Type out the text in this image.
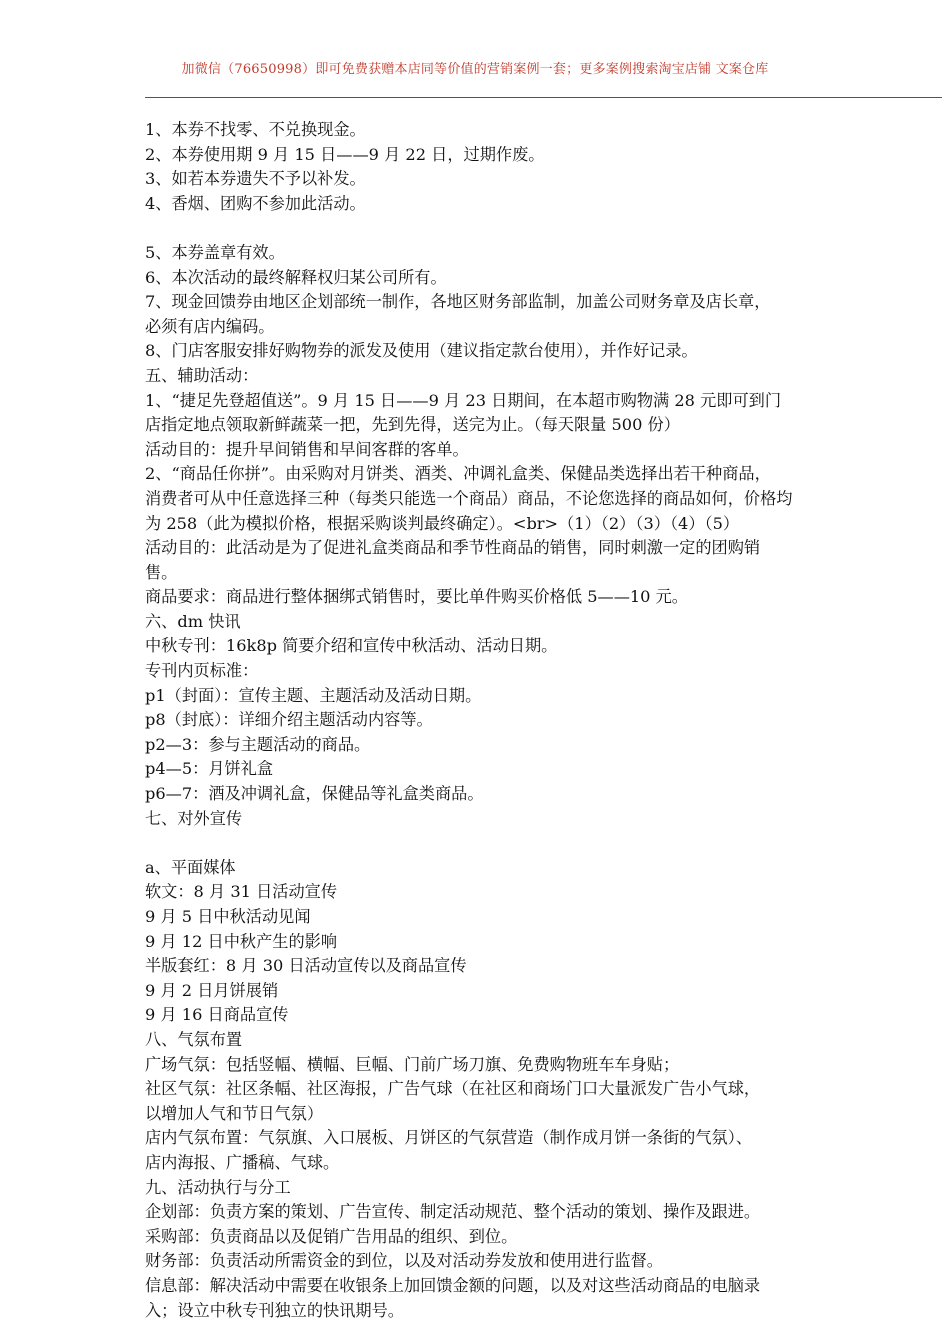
加微信（76650998）即可免费获赠本店同等价值的营销案例一套；更多案例搜索淘宝店铺 文案仓库
1、本券不找零、不兑换现金。
2、本券使用期 9 月 15 日——9 月 22 日，过期作废。
3、如若本券遗失不予以补发。
4、香烟、团购不参加此活动。
5、本券盖章有效。
6、本次活动的最终解释权归某公司所有。
7、现金回馈券由地区企划部统一制作，各地区财务部监制，加盖公司财务章及店长章，
必须有店内编码。
8、门店客服安排好购物券的派发及使用（建议指定款台使用），并作好记录。
五、辅助活动：
1、“捷足先登超值送”。9 月 15 日——9 月 23 日期间，在本超市购物满 28 元即可到门
店指定地点领取新鲜蔬菜一把，先到先得，送完为止。（每天限量 500 份）
活动目的：提升早间销售和早间客群的客单。
2、“商品任你拼”。由采购对月饼类、酒类、冲调礼盒类、保健品类选择出若干种商品，
消费者可从中任意选择三种（每类只能选一个商品）商品，不论您选择的商品如何，价格均
为 258（此为模拟价格，根据采购谈判最终确定）。<br>（1）（2）（3）（4）（5）
活动目的：此活动是为了促进礼盒类商品和季节性商品的销售，同时刺激一定的团购销
售。
商品要求：商品进行整体捆绑式销售时，要比单件购买价格低 5——10 元。
六、dm 快讯
中秋专刊：16k8p 简要介绍和宣传中秋活动、活动日期。
专刊内页标准：
p1（封面）：宣传主题、主题活动及活动日期。
p8（封底）：详细介绍主题活动内容等。
p2—3：参与主题活动的商品。
p4—5：月饼礼盒
p6—7：酒及冲调礼盒，保健品等礼盒类商品。
七、对外宣传
a、平面媒体
软文：8 月 31 日活动宣传
9 月 5 日中秋活动见闻
9 月 12 日中秋产生的影响
半版套红：8 月 30 日活动宣传以及商品宣传
9 月 2 日月饼展销
9 月 16 日商品宣传
八、气氛布置
广场气氛：包括竖幅、横幅、巨幅、门前广场刀旗、免费购物班车车身贴；
社区气氛：社区条幅、社区海报，广告气球（在社区和商场门口大量派发广告小气球，
以增加人气和节日气氛）
店内气氛布置：气氛旗、入口展板、月饼区的气氛营造（制作成月饼一条街的气氛）、
店内海报、广播稿、气球。
九、活动执行与分工
企划部：负责方案的策划、广告宣传、制定活动规范、整个活动的策划、操作及跟进。
采购部：负责商品以及促销广告用品的组织、到位。
财务部：负责活动所需资金的到位，以及对活动券发放和使用进行监督。
信息部：解决活动中需要在收银条上加回馈金额的问题，以及对这些活动商品的电脑录
入；设立中秋专刊独立的快讯期号。
